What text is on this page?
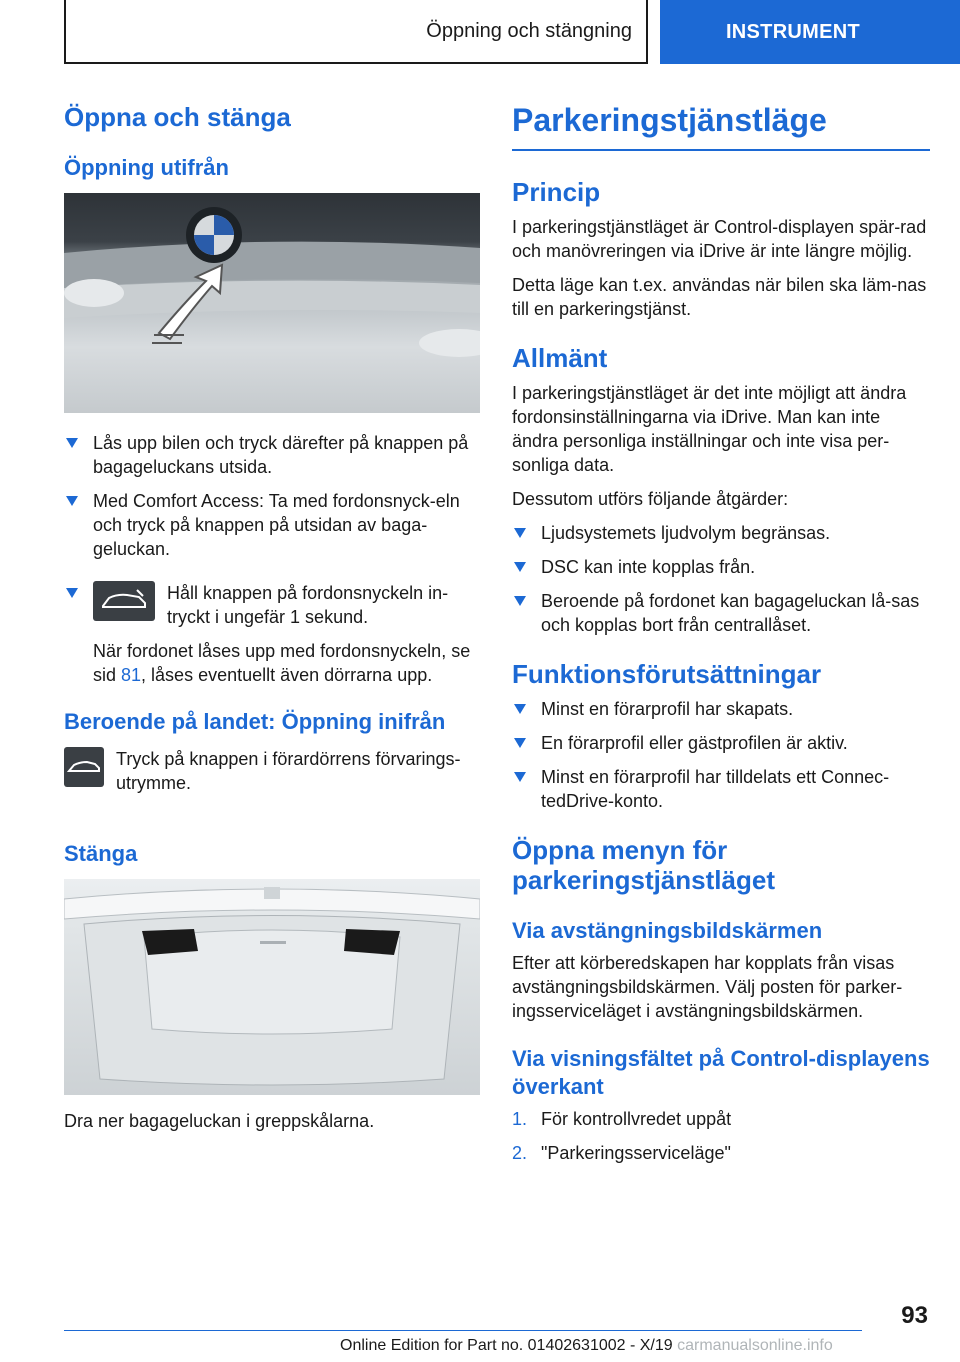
Öppning och stängning	INSTRUMENT
Öppna och stänga
Öppning utifrån
Lås upp bilen och tryck därefter på knappen på bagageluckans utsida.
Med Comfort Access: Ta med fordonsnyck-eln och tryck på knappen på utsidan av baga-geluckan.
Håll knappen på fordonsnyckeln in-tryckt i ungefär 1 sekund.
När fordonet låses upp med fordonsnyckeln, se sid 81, låses eventuellt även dörrarna upp.
Beroende på landet: Öppning inifrån
Tryck på knappen i förardörrens förvarings-utrymme.
Stänga
Dra ner bagageluckan i greppskålarna.
Parkeringstjänstläge
Princip
I parkeringstjänstläget är Control-displayen spär-rad och manövreringen via iDrive är inte längre möjlig.
Detta läge kan t.ex. användas när bilen ska läm-nas till en parkeringstjänst.
Allmänt
I parkeringstjänstläget är det inte möjligt att ändra fordonsinställningarna via iDrive. Man kan inte ändra personliga inställningar och inte visa per-sonliga data.
Dessutom utförs följande åtgärder:
Ljudsystemets ljudvolym begränsas.
DSC kan inte kopplas från.
Beroende på fordonet kan bagageluckan lå-sas och kopplas bort från centrallåset.
Funktionsförutsättningar
Minst en förarprofil har skapats.
En förarprofil eller gästprofilen är aktiv.
Minst en förarprofil har tilldelats ett Connec-tedDrive-konto.
Öppna menyn för parkeringstjänstläget
Via avstängningsbildskärmen
Efter att körberedskapen har kopplats från visas avstängningsbildskärmen. Välj posten för parker-ingsserviceläget i avstängningsbildskärmen.
Via visningsfältet på Control-displayens överkant
1. För kontrollvredet uppåt
2. "Parkeringsserviceläge"
93
Online Edition for Part no. 01402631002 - X/19 carmanualsonline.info
